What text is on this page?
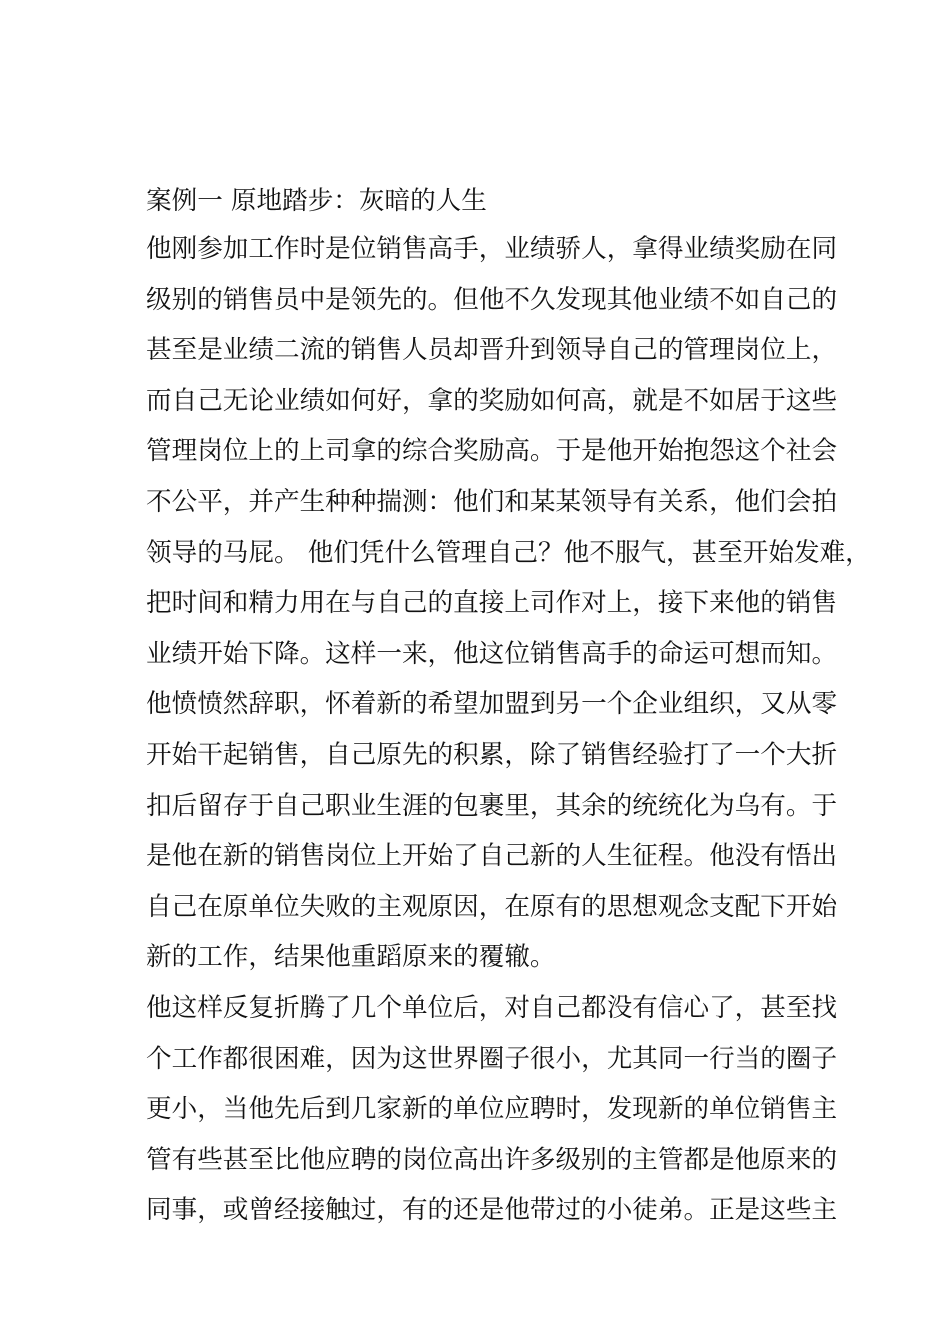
案例一 原地踏步：灰暗的人生
他刚参加工作时是位销售高手，业绩骄人，拿得业绩奖励在同
级别的销售员中是领先的。但他不久发现其他业绩不如自己的
甚至是业绩二流的销售人员却晋升到领导自己的管理岗位上，
而自己无论业绩如何好，拿的奖励如何高，就是不如居于这些
管理岗位上的上司拿的综合奖励高。于是他开始抱怨这个社会
不公平，并产生种种揣测：他们和某某领导有关系，他们会拍
领导的马屁。 他们凭什么管理自己？他不服气，甚至开始发难，
把时间和精力用在与自己的直接上司作对上，接下来他的销售
业绩开始下降。这样一来，他这位销售高手的命运可想而知。
他愤愤然辞职，怀着新的希望加盟到另一个企业组织，又从零
开始干起销售，自己原先的积累，除了销售经验打了一个大折
扣后留存于自己职业生涯的包裹里，其余的统统化为乌有。于
是他在新的销售岗位上开始了自己新的人生征程。他没有悟出
自己在原单位失败的主观原因，在原有的思想观念支配下开始
新的工作，结果他重蹈原来的覆辙。
他这样反复折腾了几个单位后，对自己都没有信心了，甚至找
个工作都很困难，因为这世界圈子很小，尤其同一行当的圈子
更小，当他先后到几家新的单位应聘时，发现新的单位销售主
管有些甚至比他应聘的岗位高出许多级别的主管都是他原来的
同事，或曾经接触过，有的还是他带过的小徒弟。正是这些主
